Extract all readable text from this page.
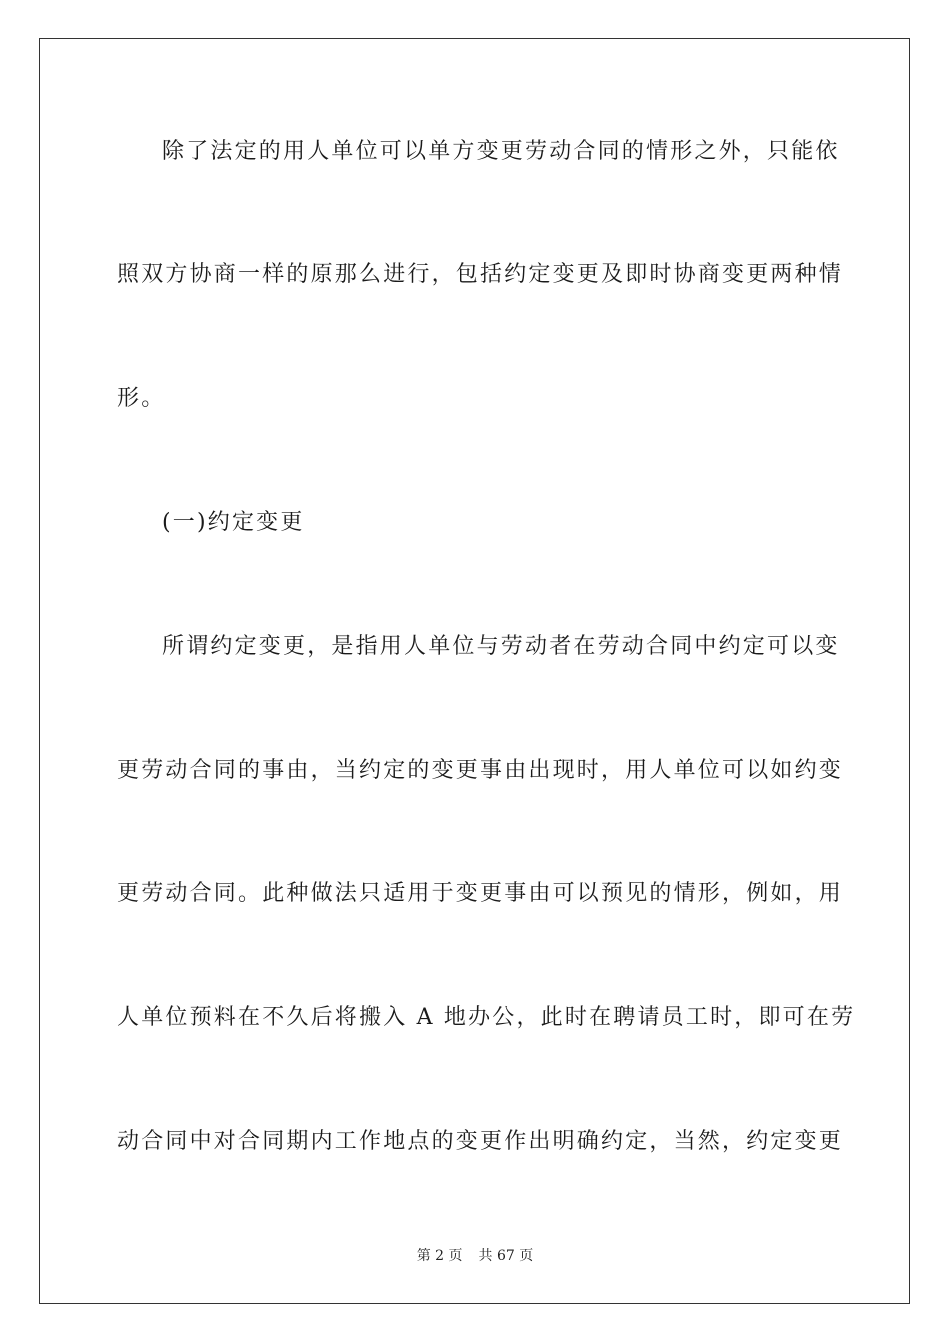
除了法定的用人单位可以单方变更劳动合同的情形之外，只能依
照双方协商一样的原那么进行，包括约定变更及即时协商变更两种情
形。
(一)约定变更
所谓约定变更，是指用人单位与劳动者在劳动合同中约定可以变
更劳动合同的事由，当约定的变更事由出现时，用人单位可以如约变
更劳动合同。此种做法只适用于变更事由可以预见的情形，例如，用
人单位预料在不久后将搬入 A 地办公，此时在聘请员工时，即可在劳
动合同中对合同期内工作地点的变更作出明确约定，当然，约定变更
第 2 页 共 67 页
